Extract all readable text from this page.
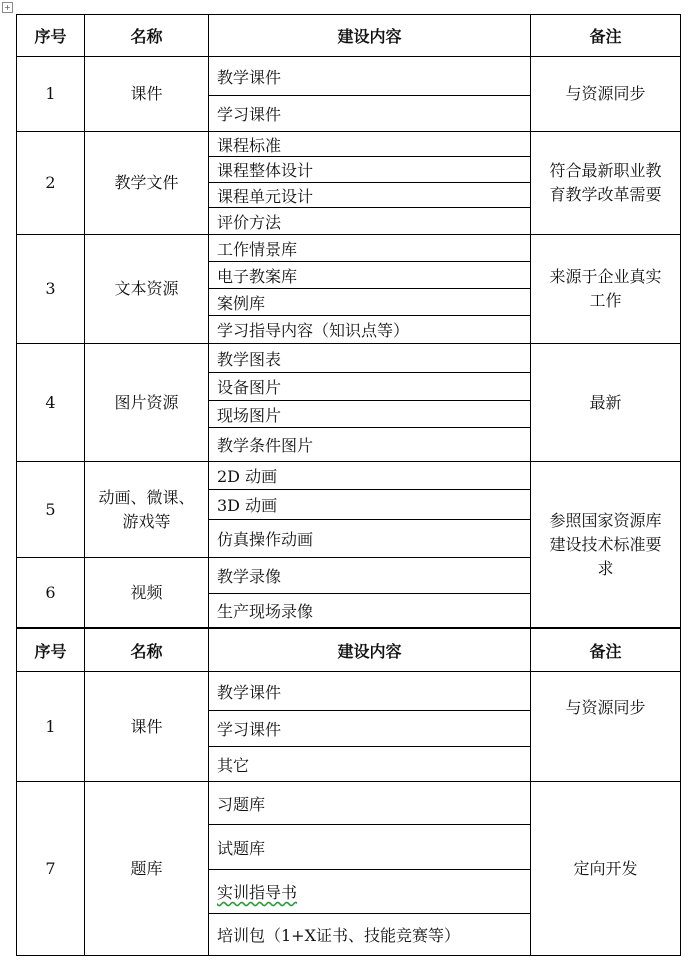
+
序号	名称	建设内容	备注
1	课件	教学课件	与资源同步
		学习课件	
2	教学文件	课程标准	符合最新职业教育教学改革需要
		课程整体设计	
		课程单元设计	
		评价方法	
3	文本资源	工作情景库	来源于企业真实工作
		电子教案库	
		案例库	
		学习指导内容（知识点等）	
4	图片资源	教学图表	最新
		设备图片	
		现场图片	
		教学条件图片	
5	动画、微课、游戏等	2D 动画	参照国家资源库建设技术标准要求
		3D 动画	
		仿真操作动画	
6	视频	教学录像	
		生产现场录像	
序号	名称	建设内容	备注
1	课件	教学课件	与资源同步
		学习课件	
		其它	
7	题库	习题库	定向开发
		试题库	
		实训指导书	
		培训包（1+X证书、技能竞赛等）	
